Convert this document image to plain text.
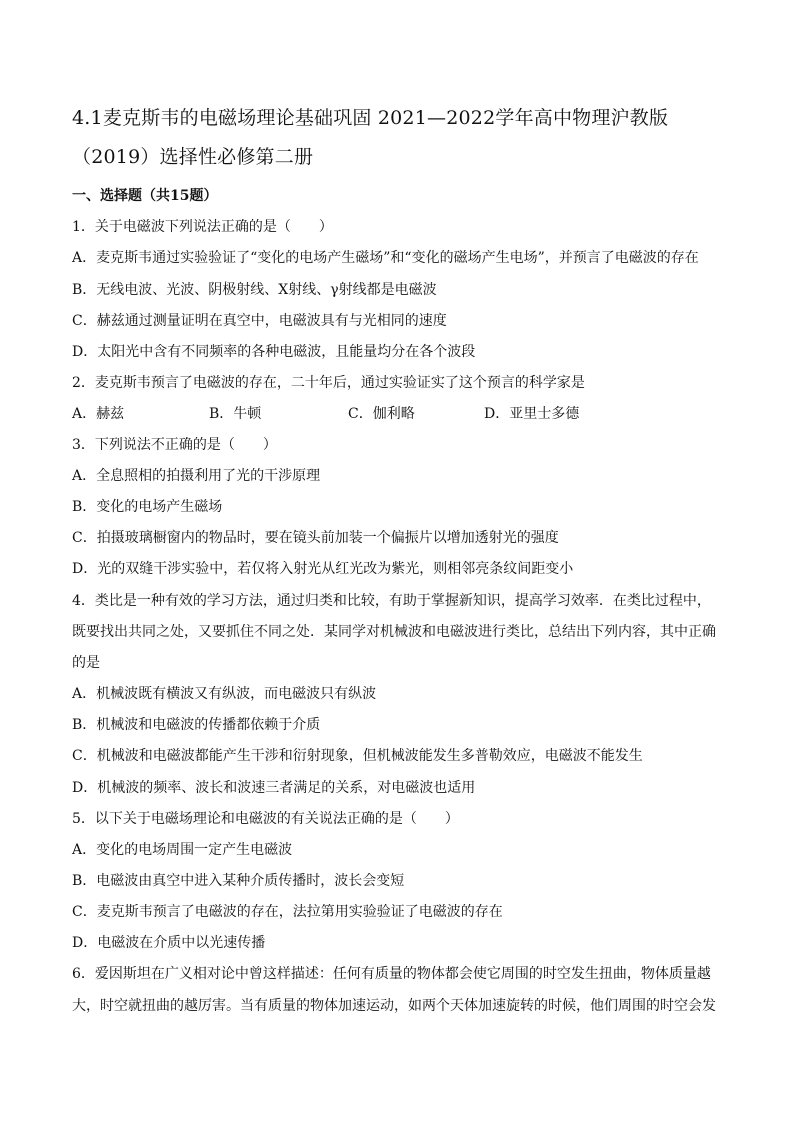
4.1麦克斯韦的电磁场理论基础巩固 2021—2022学年高中物理沪教版
（2019）选择性必修第二册
一、选择题（共15题）
1．关于电磁波下列说法正确的是（　　）
A．麦克斯韦通过实验验证了“变化的电场产生磁场”和“变化的磁场产生电场”，并预言了电磁波的存在
B．无线电波、光波、阴极射线、X射线、γ射线都是电磁波
C．赫兹通过测量证明在真空中，电磁波具有与光相同的速度
D．太阳光中含有不同频率的各种电磁波，且能量均分在各个波段
2．麦克斯韦预言了电磁波的存在，二十年后，通过实验证实了这个预言的科学家是
A．赫兹	B．牛顿	C．伽利略	D．亚里士多德
3．下列说法不正确的是（　　）
A．全息照相的拍摄利用了光的干涉原理
B．变化的电场产生磁场
C．拍摄玻璃橱窗内的物品时，要在镜头前加装一个偏振片以增加透射光的强度
D．光的双缝干涉实验中，若仅将入射光从红光改为紫光，则相邻亮条纹间距变小
4．类比是一种有效的学习方法，通过归类和比较，有助于掌握新知识，提高学习效率．在类比过程中，
既要找出共同之处，又要抓住不同之处．某同学对机械波和电磁波进行类比，总结出下列内容，其中正确
的是
A．机械波既有横波又有纵波，而电磁波只有纵波
B．机械波和电磁波的传播都依赖于介质
C．机械波和电磁波都能产生干涉和衍射现象，但机械波能发生多普勒效应，电磁波不能发生
D．机械波的频率、波长和波速三者满足的关系，对电磁波也适用
5．以下关于电磁场理论和电磁波的有关说法正确的是（　　）
A．变化的电场周围一定产生电磁波
B．电磁波由真空中进入某种介质传播时，波长会变短
C．麦克斯韦预言了电磁波的存在，法拉第用实验验证了电磁波的存在
D．电磁波在介质中以光速传播
6．爱因斯坦在广义相对论中曾这样描述：任何有质量的物体都会使它周围的时空发生扭曲，物体质量越
大，时空就扭曲的越厉害。当有质量的物体加速运动，如两个天体加速旋转的时候，他们周围的时空会发
